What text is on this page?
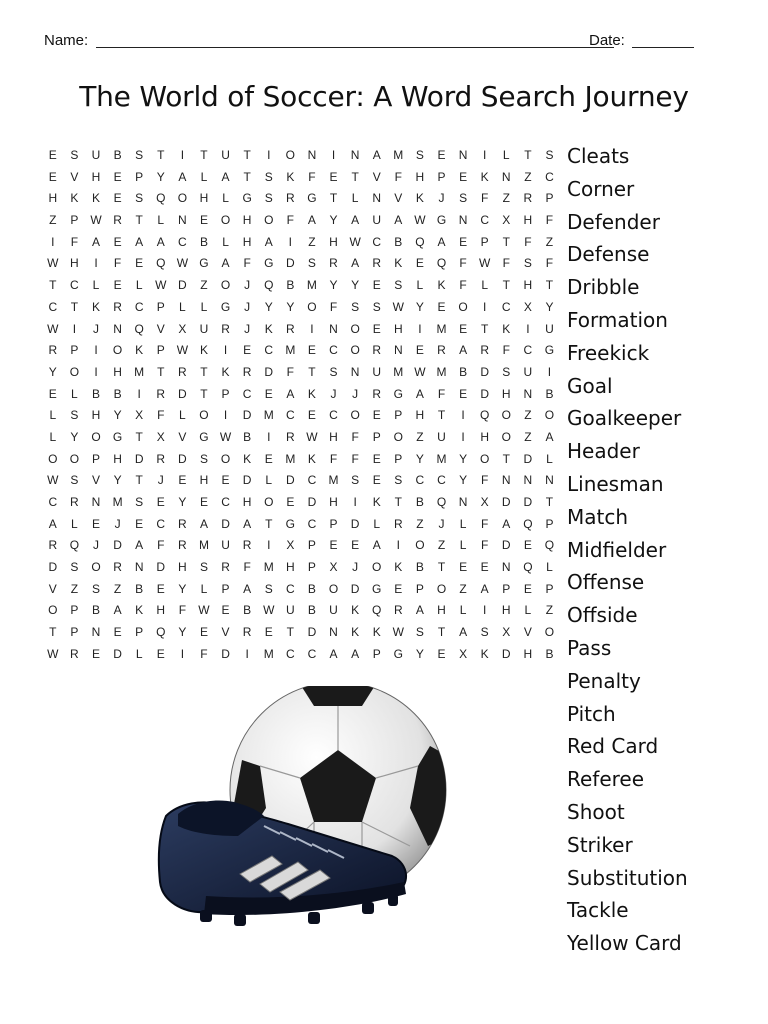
Name:	Date:
The World of Soccer: A Word Search Journey
E	S	U	B	S	T	I	T	U	T	I	O	N	I	N	A	M	S	E	N	I	L	T	S
E	V	H	E	P	Y	A	L	A	T	S	K	F	E	T	V	F	H	P	E	K	N	Z	C
H	K	K	E	S	Q	O	H	L	G	S	R	G	T	L	N	V	K	J	S	F	Z	R	P
Z	P W R	T	L	N	E	O	H	O	F	A	Y	A	U	A W G	N	C	X	H	F
I	F	A	E	A	A	C	B	L	H	A	I	Z	H W C	B	Q	A	E	P	T	F	Z
W H	I	F	E	Q W G	A	F	G	D	S	R	A	R	K	E	Q	F	W	F	S	F
T	C	L	E	L	W D	Z	O	J	Q	B	M	Y	Y	E	S	L	K	F	L	T	H	T
C	T	K	R	C	P	L	L	G	J	Y	Y	O	F	S	S W Y	E	O	I	C	X	Y
W	I	J	N	Q	V	X	U	R	J	K	R	I	N	O	E	H	I	M	E	T	K	I	U
R	P	I	O	K	P W K	I	E	C	M	E	C	O	R	N	E	R	A	R	F	C	G
Y	O	I	H	M	T	R	T	K	R	D	F	T	S	N	U	M W M	B	D	S	U	I
E	L	B	B	I	R	D	T	P	C	E	A	K	J	J	R	G	A	F	E	D	H	N	B
L	S	H	Y	X	F	L	O	I	D	M	C	E	C	O	E	P	H	T	I	Q	O	Z	O
L	Y	O	G	T	X	V	G W B	I	R W H	F	P	O	Z	U	I	H	O	Z	A
O	O	P	H	D	R	D	S	O	K	E	M	K	F	F	E	P	Y	M	Y	O	T	D	L
W S	V	Y	T	J	E	H	E	D	L	D	C	M	S	E	S	C	C	Y	F	N	N	N
C	R	N	M	S	E	Y	E	C	H	O	E	D	H	I	K	T	B	Q	N	X	D	D	T
A	L	E	J	E	C	R	A	D	A	T	G	C	P	D	L	R	Z	J	L	F	A	Q	P
R	Q	J	D	A	F	R	M	U	R	I	X	P	E	E	A	I	O	Z	L	F	D	E	Q
D	S	O	R	N	D	H	S	R	F	M	H	P	X	J	O	K	B	T	E	E	N	Q	L
V	Z	S	Z	B	E	Y	L	P	A	S	C	B	O	D	G	E	P	O	Z	A	P	E	P
O	P	B	A	K	H	F	W E	B W U	B	U	K	Q	R	A	H	L	I	H	L	Z
T	P	N	E	P	Q	Y	E	V	R	E	T	D	N	K	K W S	T	A	S	X	V	O
W R	E	D	L	E	I	F	D	I	M	C	C	A	A	P	G	Y	E	X	K	D	H	B
Cleats
Corner
Defender
Defense
Dribble
Formation
Freekick
Goal
Goalkeeper
Header
Linesman
Match
Midfielder
Offense
Offside
Pass
Penalty
Pitch
Red Card
Referee
Shoot
Striker
Substitution
Tackle
Yellow Card
